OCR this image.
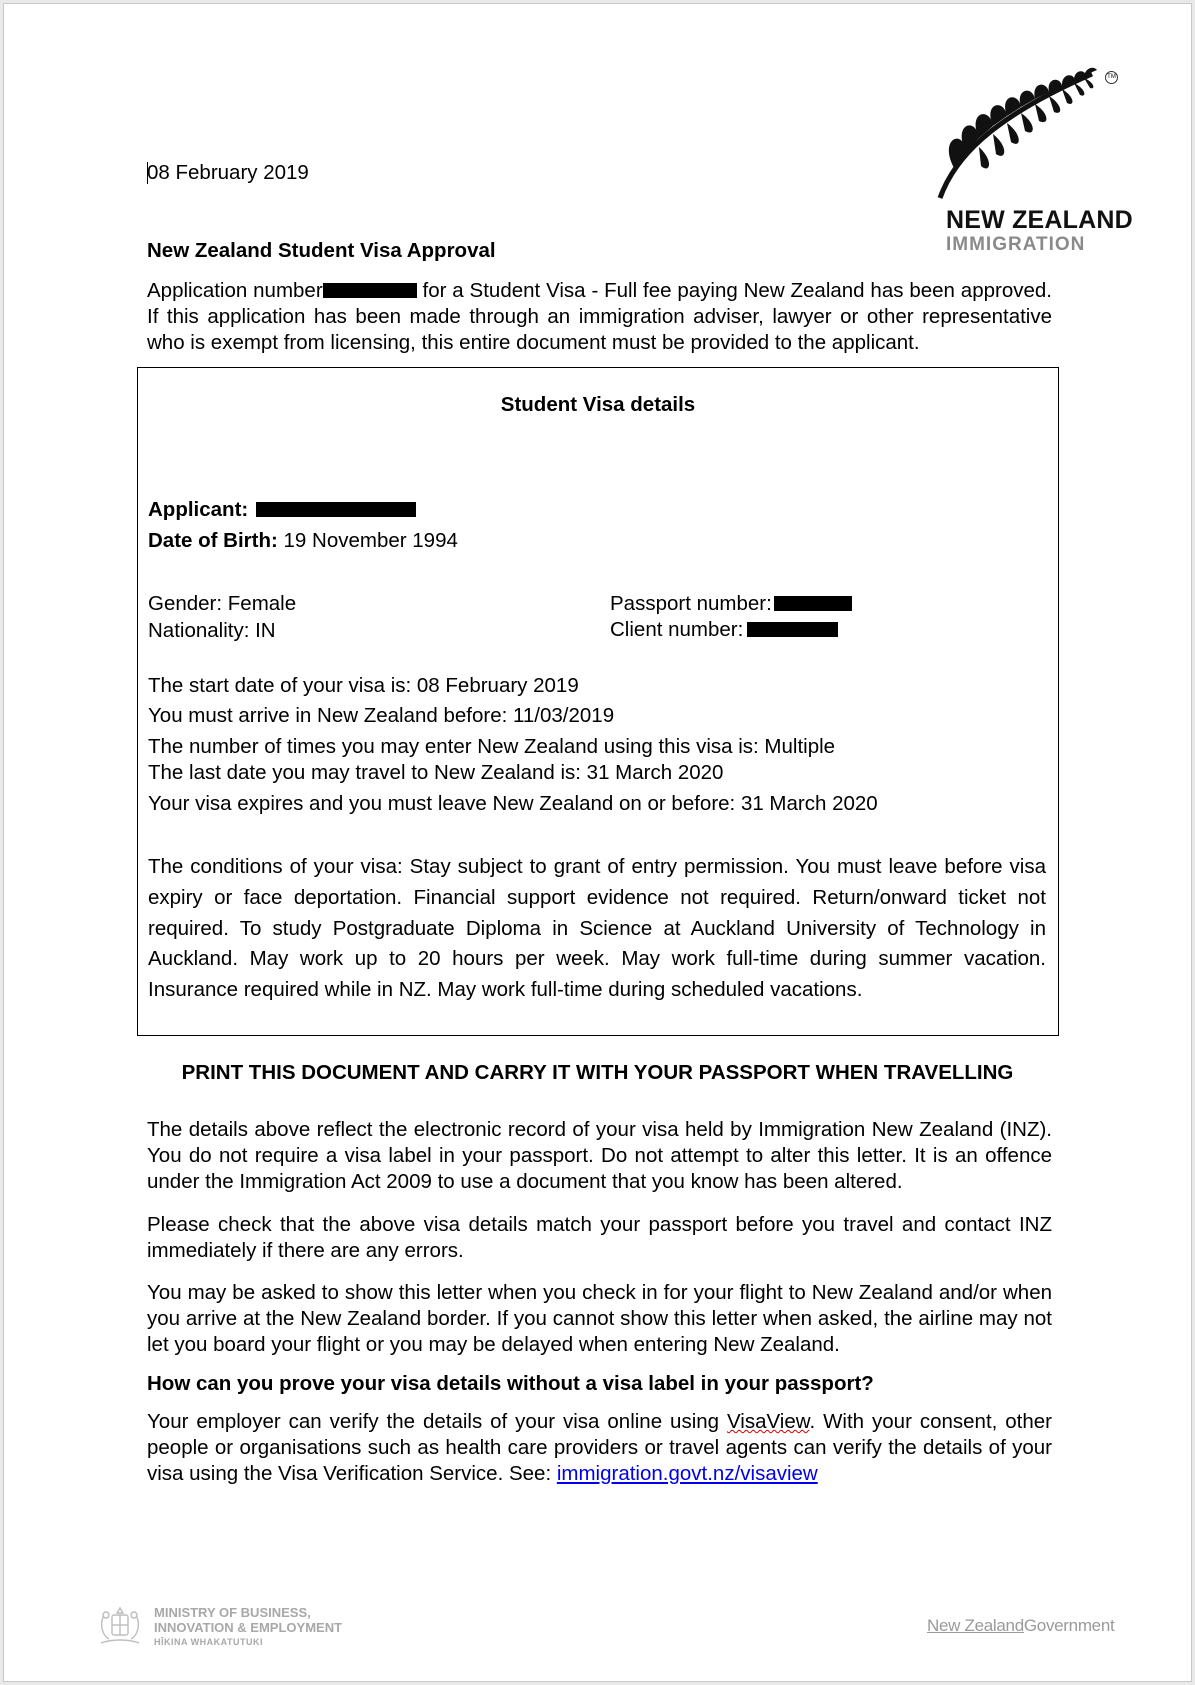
TM
NEW ZEALAND
IMMIGRATION
08 February 2019
New Zealand Student Visa Approval
Application number	for a Student Visa - Full fee paying New Zealand has been approved. If this application has been made through an immigration adviser, lawyer or other representative who is exempt from licensing, this entire document must be provided to the applicant.
Student Visa details
Applicant:
Date of Birth: 19 November 1994
Gender: Female
Nationality: IN
Passport number:
Client number:
The start date of your visa is: 08 February 2019
You must arrive in New Zealand before: 11/03/2019
The number of times you may enter New Zealand using this visa is: Multiple
The last date you may travel to New Zealand is: 31 March 2020
Your visa expires and you must leave New Zealand on or before: 31 March 2020
The conditions of your visa: Stay subject to grant of entry permission. You must leave before visa expiry or face deportation. Financial support evidence not required. Return/onward ticket not required. To study Postgraduate Diploma in Science at Auckland University of Technology in Auckland. May work up to 20 hours per week. May work full-time during summer vacation. Insurance required while in NZ. May work full-time during scheduled vacations.
PRINT THIS DOCUMENT AND CARRY IT WITH YOUR PASSPORT WHEN TRAVELLING
The details above reflect the electronic record of your visa held by Immigration New Zealand (INZ). You do not require a visa label in your passport. Do not attempt to alter this letter. It is an offence under the Immigration Act 2009 to use a document that you know has been altered.
Please check that the above visa details match your passport before you travel and contact INZ immediately if there are any errors.
You may be asked to show this letter when you check in for your flight to New Zealand and/or when you arrive at the New Zealand border. If you cannot show this letter when asked, the airline may not let you board your flight or you may be delayed when entering New Zealand.
How can you prove your visa details without a visa label in your passport?
Your employer can verify the details of your visa online using VisaView. With your consent, other people or organisations such as health care providers or travel agents can verify the details of your visa using the Visa Verification Service. See: immigration.govt.nz/visaview
MINISTRY OF BUSINESS,
INNOVATION & EMPLOYMENT
HĪKINA WHAKATUTUKI
New ZealandGovernment
